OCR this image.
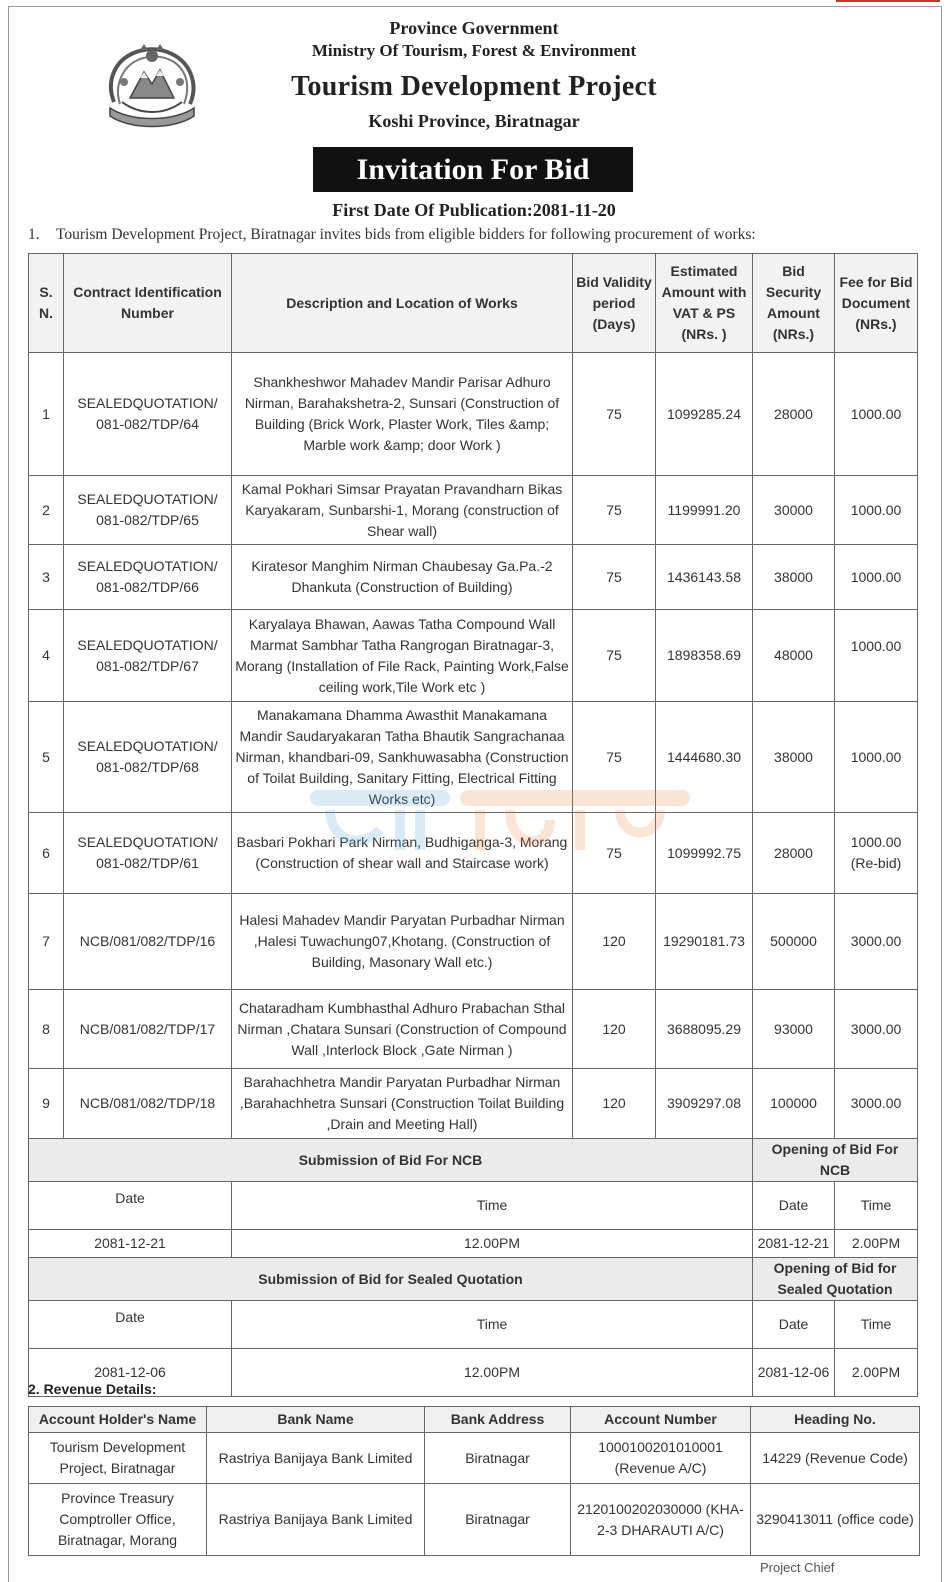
Province Government
Ministry Of Tourism, Forest & Environment
Tourism Development Project
Koshi Province, Biratnagar
Invitation For Bid
First Date Of Publication:2081-11-20
1. Tourism Development Project, Biratnagar invites bids from eligible bidders for following procurement of works:
S. N.	Contract Identification Number	Description and Location of Works	Bid Validity period (Days)	Estimated Amount with VAT & PS (NRs. )	Bid Security Amount (NRs.)	Fee for Bid Document (NRs.)
1	SEALEDQUOTATION/ 081-082/TDP/64	Shankheshwor Mahadev Mandir Parisar Adhuro Nirman, Barahakshetra-2, Sunsari (Construction of Building (Brick Work, Plaster Work, Tiles &amp; Marble work &amp; door Work )	75	1099285.24	28000	1000.00
2	SEALEDQUOTATION/ 081-082/TDP/65	Kamal Pokhari Simsar Prayatan Pravandharn Bikas Karyakaram, Sunbarshi-1, Morang (construction of Shear wall)	75	1199991.20	30000	1000.00
3	SEALEDQUOTATION/ 081-082/TDP/66	Kiratesor Manghim Nirman Chaubesay Ga.Pa.-2 Dhankuta (Construction of Building)	75	1436143.58	38000	1000.00
4	SEALEDQUOTATION/ 081-082/TDP/67	Karyalaya Bhawan, Aawas Tatha Compound Wall Marmat Sambhar Tatha Rangrogan Biratnagar-3, Morang (Installation of File Rack, Painting Work,False ceiling work,Tile Work etc )	75	1898358.69	48000	1000.00
5	SEALEDQUOTATION/ 081-082/TDP/68	Manakamana Dhamma Awasthit Manakamana Mandir Saudaryakaran Tatha Bhautik Sangrachanaa Nirman, khandbari-09, Sankhuwasabha (Construction of Toilat Building, Sanitary Fitting, Electrical Fitting Works etc)	75	1444680.30	38000	1000.00
6	SEALEDQUOTATION/ 081-082/TDP/61	Basbari Pokhari Park Nirman, Budhiganga-3, Morang (Construction of shear wall and Staircase work)	75	1099992.75	28000	1000.00 (Re-bid)
7	NCB/081/082/TDP/16	Halesi Mahadev Mandir Paryatan Purbadhar Nirman ,Halesi Tuwachung07,Khotang. (Construction of Building, Masonary Wall etc.)	120	19290181.73	500000	3000.00
8	NCB/081/082/TDP/17	Chataradham Kumbhasthal Adhuro Prabachan Sthal Nirman ,Chatara Sunsari (Construction of Compound Wall ,Interlock Block ,Gate Nirman )	120	3688095.29	93000	3000.00
9	NCB/081/082/TDP/18	Barahachhetra Mandir Paryatan Purbadhar Nirman ,Barahachhetra Sunsari (Construction Toilat Building ,Drain and Meeting Hall)	120	3909297.08	100000	3000.00
Submission of Bid For NCB					Opening of Bid For NCB	
Date		Time			Date	Time
2081-12-21		12.00PM			2081-12-21	2.00PM
Submission of Bid for Sealed Quotation					Opening of Bid for Sealed Quotation	
Date		Time			Date	Time
2081-12-06		12.00PM			2081-12-06	2.00PM
2. Revenue Details:
Account Holder's Name	Bank Name	Bank Address	Account Number	Heading No.
Tourism Development Project, Biratnagar	Rastriya Banijaya Bank Limited	Biratnagar	1000100201010001 (Revenue A/C)	14229 (Revenue Code)
Province Treasury Comptroller Office, Biratnagar, Morang	Rastriya Banijaya Bank Limited	Biratnagar	2120100202030000 (KHA-2-3 DHARAUTI A/C)	3290413011 (office code)
Project Chief
